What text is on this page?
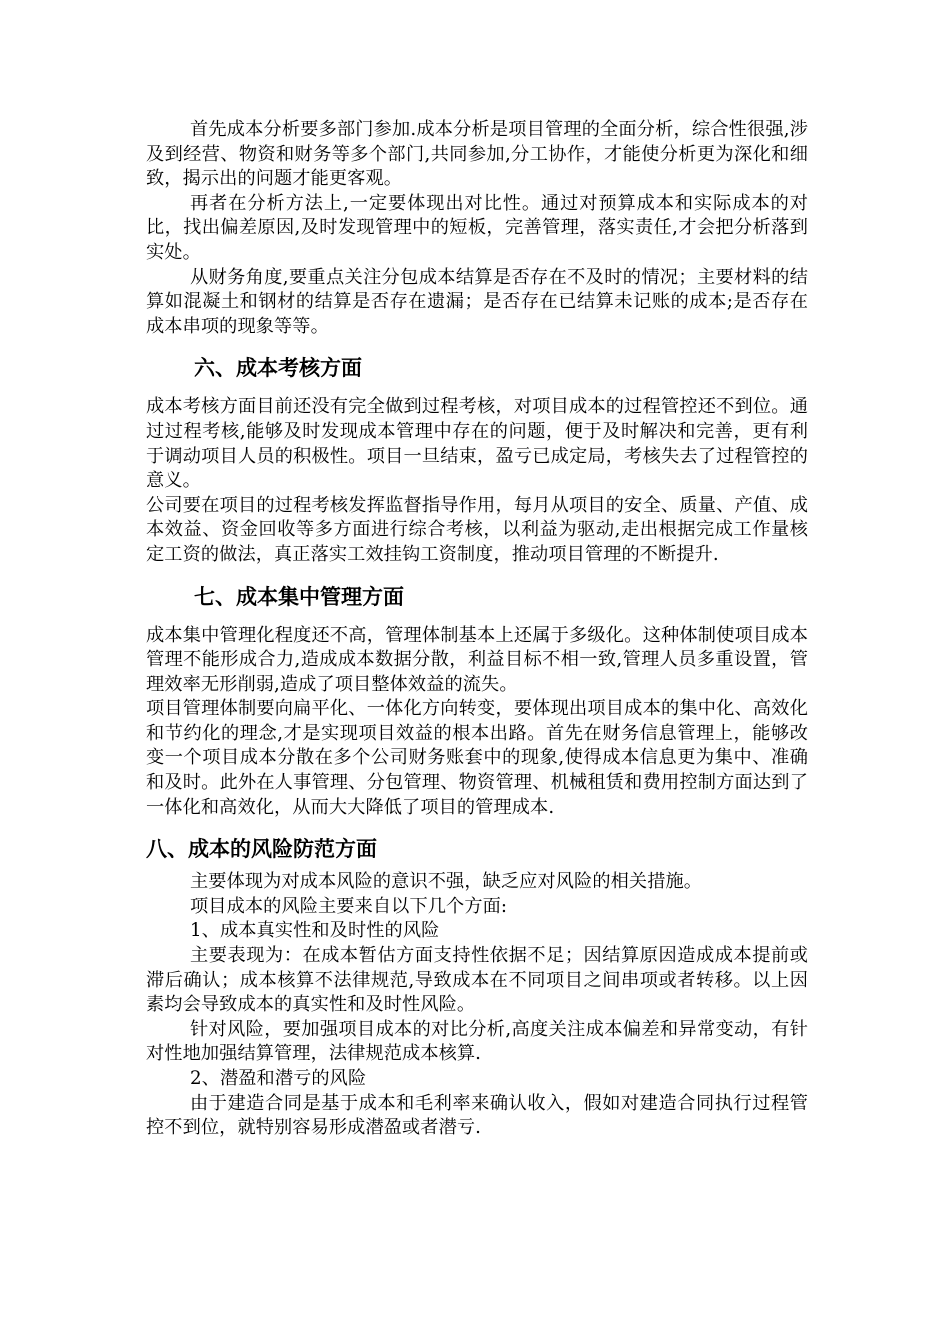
首先成本分析要多部门参加.成本分析是项目管理的全面分析，综合性很强,涉及到经营、物资和财务等多个部门,共同参加,分工协作，才能使分析更为深化和细致，揭示出的问题才能更客观。

再者在分析方法上,一定要体现出对比性。通过对预算成本和实际成本的对比，找出偏差原因,及时发现管理中的短板，完善管理，落实责任,才会把分析落到实处。

从财务角度,要重点关注分包成本结算是否存在不及时的情况；主要材料的结算如混凝土和钢材的结算是否存在遗漏；是否存在已结算未记账的成本;是否存在成本串项的现象等等。

六、成本考核方面

成本考核方面目前还没有完全做到过程考核，对项目成本的过程管控还不到位。通过过程考核,能够及时发现成本管理中存在的问题，便于及时解决和完善，更有利于调动项目人员的积极性。项目一旦结束，盈亏已成定局，考核失去了过程管控的意义。

公司要在项目的过程考核发挥监督指导作用，每月从项目的安全、质量、产值、成本效益、资金回收等多方面进行综合考核，以利益为驱动,走出根据完成工作量核定工资的做法，真正落实工效挂钩工资制度，推动项目管理的不断提升.

七、成本集中管理方面

成本集中管理化程度还不高，管理体制基本上还属于多级化。这种体制使项目成本管理不能形成合力,造成成本数据分散，利益目标不相一致,管理人员多重设置，管理效率无形削弱,造成了项目整体效益的流失。

项目管理体制要向扁平化、一体化方向转变，要体现出项目成本的集中化、高效化和节约化的理念,才是实现项目效益的根本出路。首先在财务信息管理上，能够改变一个项目成本分散在多个公司财务账套中的现象,使得成本信息更为集中、准确和及时。此外在人事管理、分包管理、物资管理、机械租赁和费用控制方面达到了一体化和高效化，从而大大降低了项目的管理成本.

八、成本的风险防范方面

主要体现为对成本风险的意识不强，缺乏应对风险的相关措施。

项目成本的风险主要来自以下几个方面:

1、成本真实性和及时性的风险

主要表现为：在成本暂估方面支持性依据不足；因结算原因造成成本提前或滞后确认；成本核算不法律规范,导致成本在不同项目之间串项或者转移。以上因素均会导致成本的真实性和及时性风险。

针对风险，要加强项目成本的对比分析,高度关注成本偏差和异常变动，有针对性地加强结算管理，法律规范成本核算.

2、潜盈和潜亏的风险

由于建造合同是基于成本和毛利率来确认收入，假如对建造合同执行过程管控不到位，就特别容易形成潜盈或者潜亏.
